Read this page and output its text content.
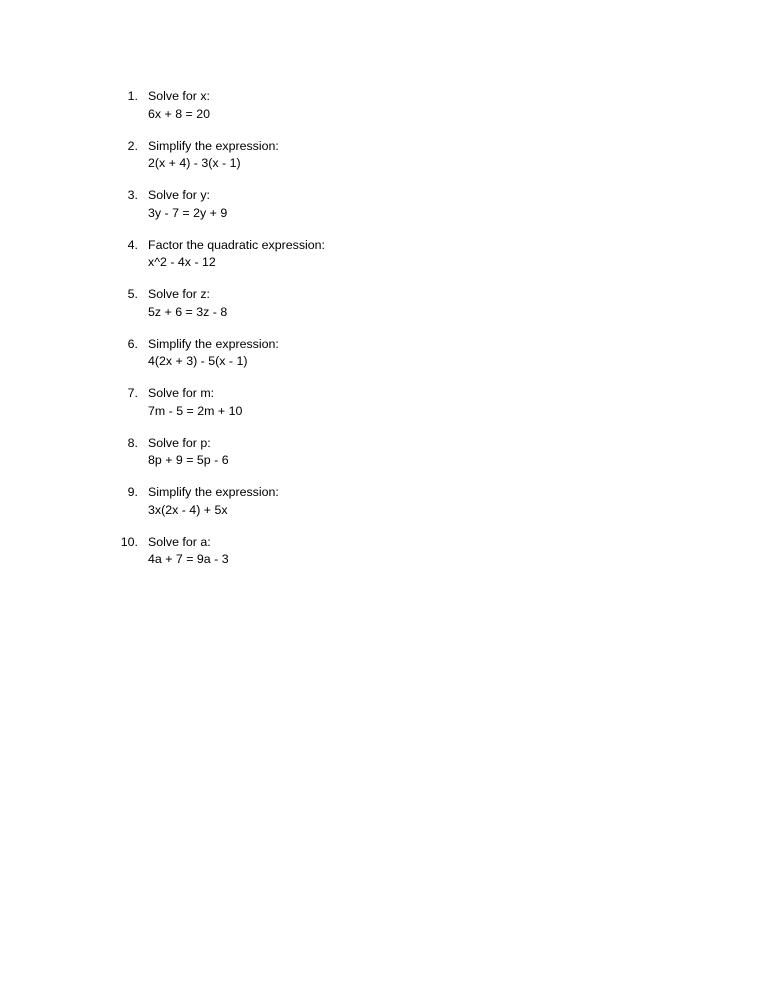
1. Solve for x:
6x + 8 = 20
2. Simplify the expression:
2(x + 4) - 3(x - 1)
3. Solve for y:
3y - 7 = 2y + 9
4. Factor the quadratic expression:
x^2 - 4x - 12
5. Solve for z:
5z + 6 = 3z - 8
6. Simplify the expression:
4(2x + 3) - 5(x - 1)
7. Solve for m:
7m - 5 = 2m + 10
8. Solve for p:
8p + 9 = 5p - 6
9. Simplify the expression:
3x(2x - 4) + 5x
10. Solve for a:
4a + 7 = 9a - 3
